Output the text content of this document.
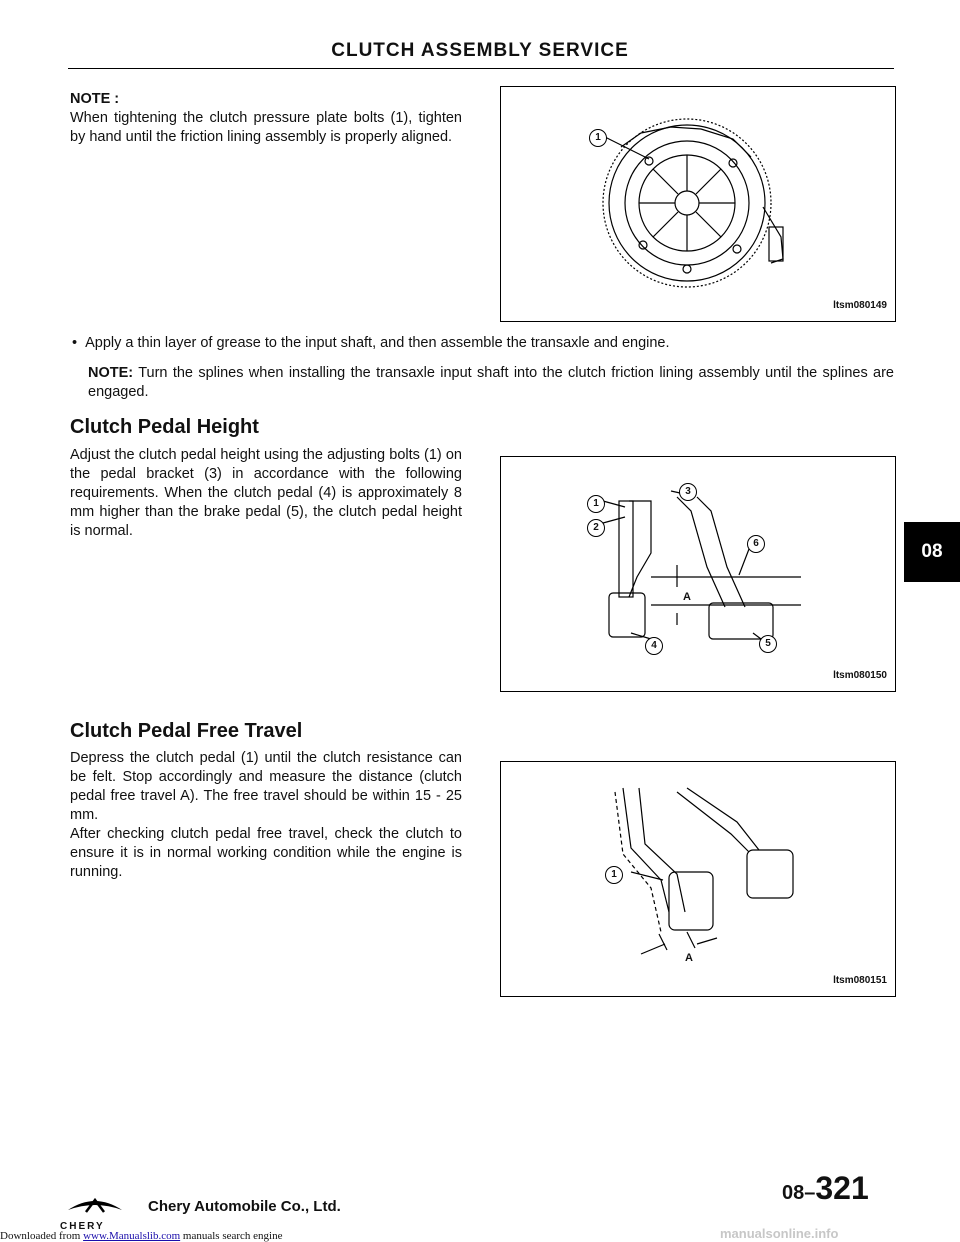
CLUTCH ASSEMBLY SERVICE
NOTE :
When tightening the clutch pressure plate bolts (1), tighten by hand until the friction lining assembly is properly aligned.	1
ltsm080149
• Apply a thin layer of grease to the input shaft, and then assemble the transaxle and engine.
NOTE: Turn the splines when installing the transaxle input shaft into the clutch friction lining assembly until the splines are engaged.
Clutch Pedal Height
Adjust the clutch pedal height using the adjusting bolts (1) on the pedal bracket (3) in accordance with the following requirements. When the clutch pedal (4) is approximately 8 mm higher than the brake pedal (5), the clutch pedal height is normal.
1
2
3
4	5
6
A
ltsm080150
Clutch Pedal Free Travel
Depress the clutch pedal (1) until the clutch resistance can be felt. Stop accordingly and measure the distance (clutch pedal free travel A). The free travel should be within 15 - 25 mm.
After checking clutch pedal free travel, check the clutch to ensure it is in normal working condition while the engine is running.	1
A
ltsm080151
08
CHERY
Chery Automobile Co., Ltd.
08–321
Downloaded from www.Manualslib.com manuals search engine	manualsonline.info
